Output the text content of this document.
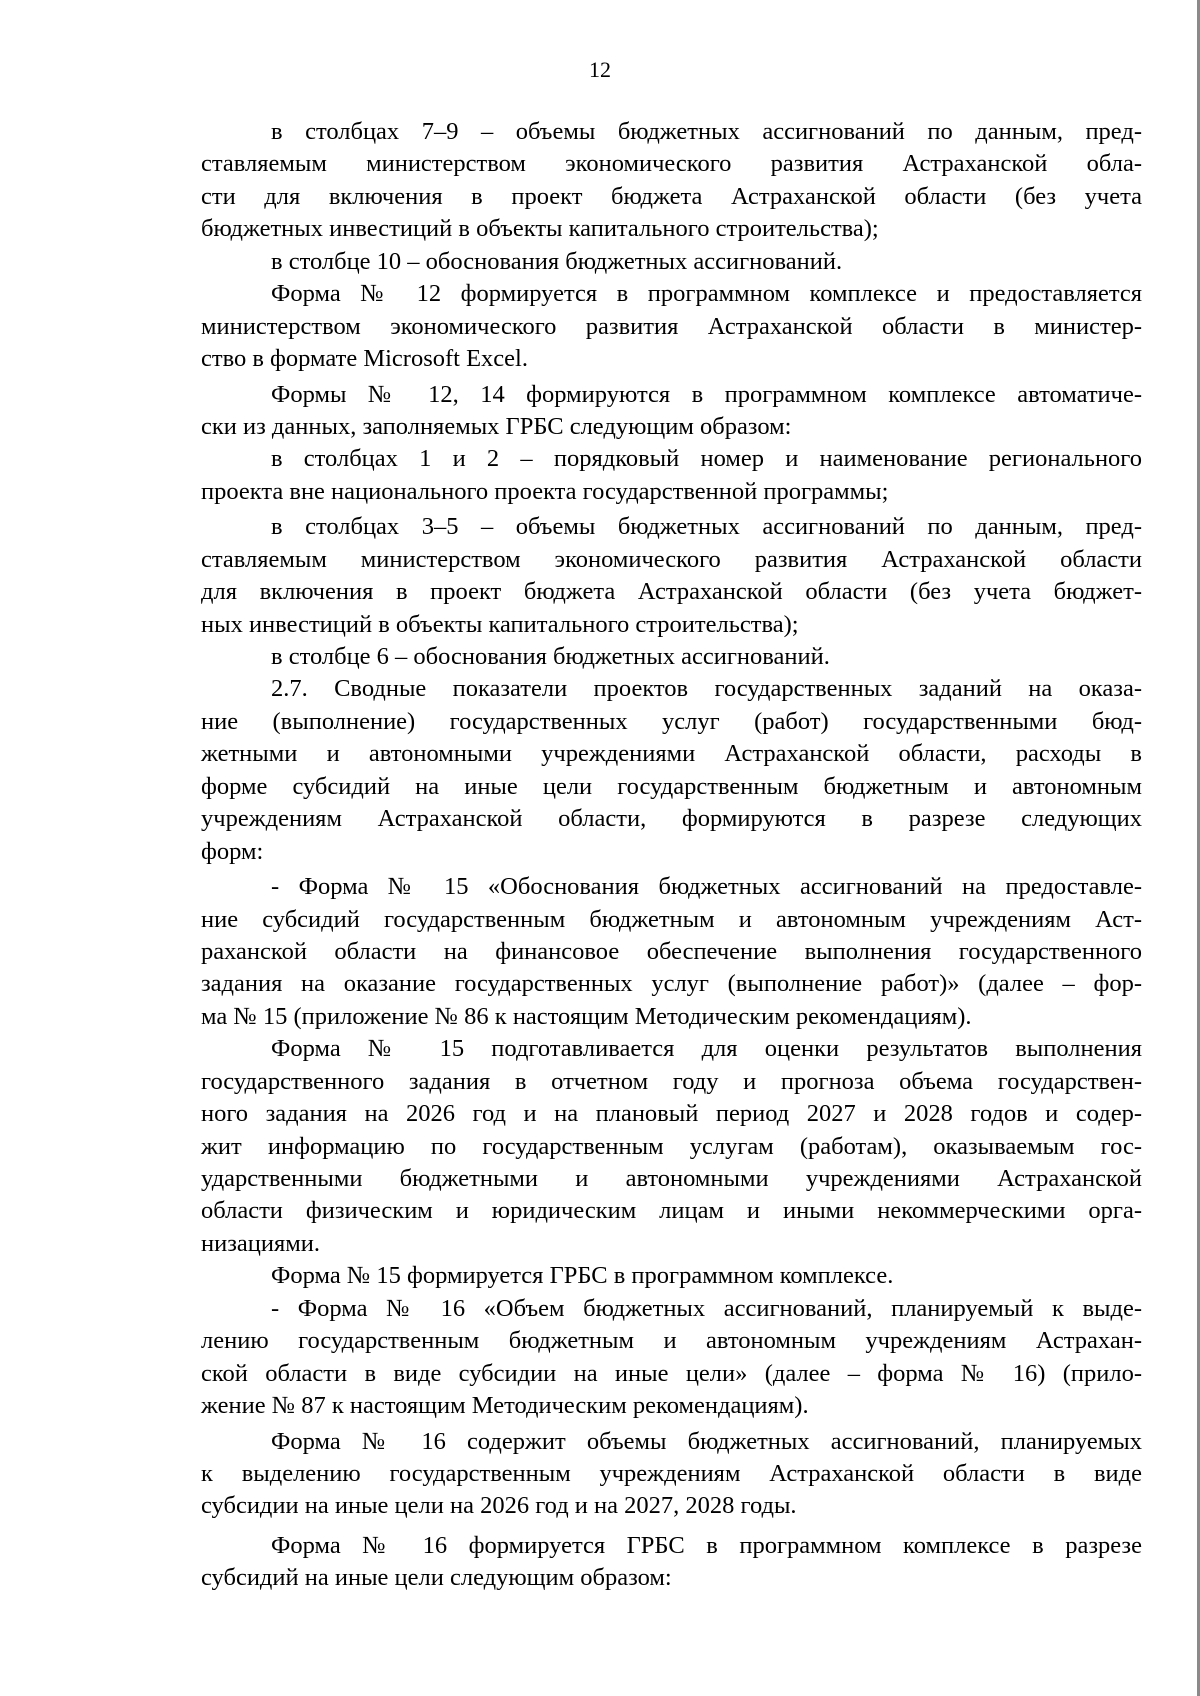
12
в столбцах 7–9 – объемы бюджетных ассигнований по данным, пред-
ставляемым министерством экономического развития Астраханской обла-
сти для включения в проект бюджета Астраханской области (без учета
бюджетных инвестиций в объекты капитального строительства);
в столбце 10 – обоснования бюджетных ассигнований.
Форма № 12 формируется в программном комплексе и предоставляется
министерством экономического развития Астраханской области в министер-
ство в формате Microsoft Excel.
Формы № 12, 14 формируются в программном комплексе автоматиче-
ски из данных, заполняемых ГРБС следующим образом:
в столбцах 1 и 2 – порядковый номер и наименование регионального
проекта вне национального проекта государственной программы;
в столбцах 3–5 – объемы бюджетных ассигнований по данным, пред-
ставляемым министерством экономического развития Астраханской области
для включения в проект бюджета Астраханской области (без учета бюджет-
ных инвестиций в объекты капитального строительства);
в столбце 6 – обоснования бюджетных ассигнований.
2.7. Сводные показатели проектов государственных заданий на оказа-
ние (выполнение) государственных услуг (работ) государственными бюд-
жетными и автономными учреждениями Астраханской области, расходы в
форме субсидий на иные цели государственным бюджетным и автономным
учреждениям Астраханской области, формируются в разрезе следующих
форм:
- Форма № 15 «Обоснования бюджетных ассигнований на предоставле-
ние субсидий государственным бюджетным и автономным учреждениям Аст-
раханской области на финансовое обеспечение выполнения государственного
задания на оказание государственных услуг (выполнение работ)» (далее – фор-
ма № 15 (приложение № 86 к настоящим Методическим рекомендациям).
Форма № 15 подготавливается для оценки результатов выполнения
государственного задания в отчетном году и прогноза объема государствен-
ного задания на 2026 год и на плановый период 2027 и 2028 годов и содер-
жит информацию по государственным услугам (работам), оказываемым гос-
ударственными бюджетными и автономными учреждениями Астраханской
области физическим и юридическим лицам и иными некоммерческими орга-
низациями.
Форма № 15 формируется ГРБС в программном комплексе.
- Форма № 16 «Объем бюджетных ассигнований, планируемый к выде-
лению государственным бюджетным и автономным учреждениям Астрахан-
ской области в виде субсидии на иные цели» (далее – форма № 16) (прило-
жение № 87 к настоящим Методическим рекомендациям).
Форма № 16 содержит объемы бюджетных ассигнований, планируемых
к выделению государственным учреждениям Астраханской области в виде
субсидии на иные цели на 2026 год и на 2027, 2028 годы.
Форма № 16 формируется ГРБС в программном комплексе в разрезе
субсидий на иные цели следующим образом:
